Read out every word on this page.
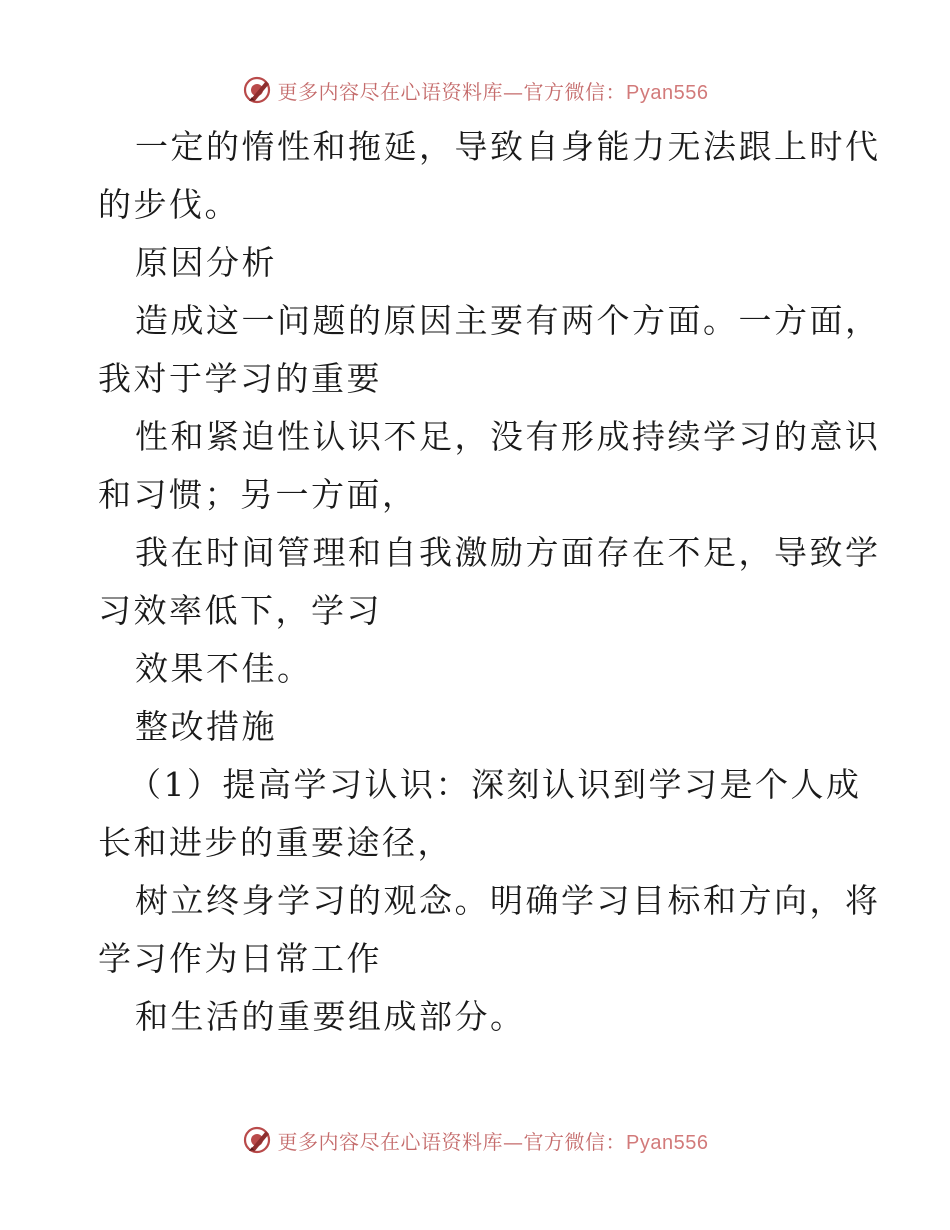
更多内容尽在心语资料库—官方微信：Pyan556
一定的惰性和拖延，导致自身能力无法跟上时代
的步伐。
原因分析
造成这一问题的原因主要有两个方面。一方面，
我对于学习的重要
性和紧迫性认识不足，没有形成持续学习的意识
和习惯；另一方面，
我在时间管理和自我激励方面存在不足，导致学
习效率低下，学习
效果不佳。
整改措施
（1）提高学习认识：深刻认识到学习是个人成
长和进步的重要途径，
树立终身学习的观念。明确学习目标和方向，将
学习作为日常工作
和生活的重要组成部分。
更多内容尽在心语资料库—官方微信：Pyan556
